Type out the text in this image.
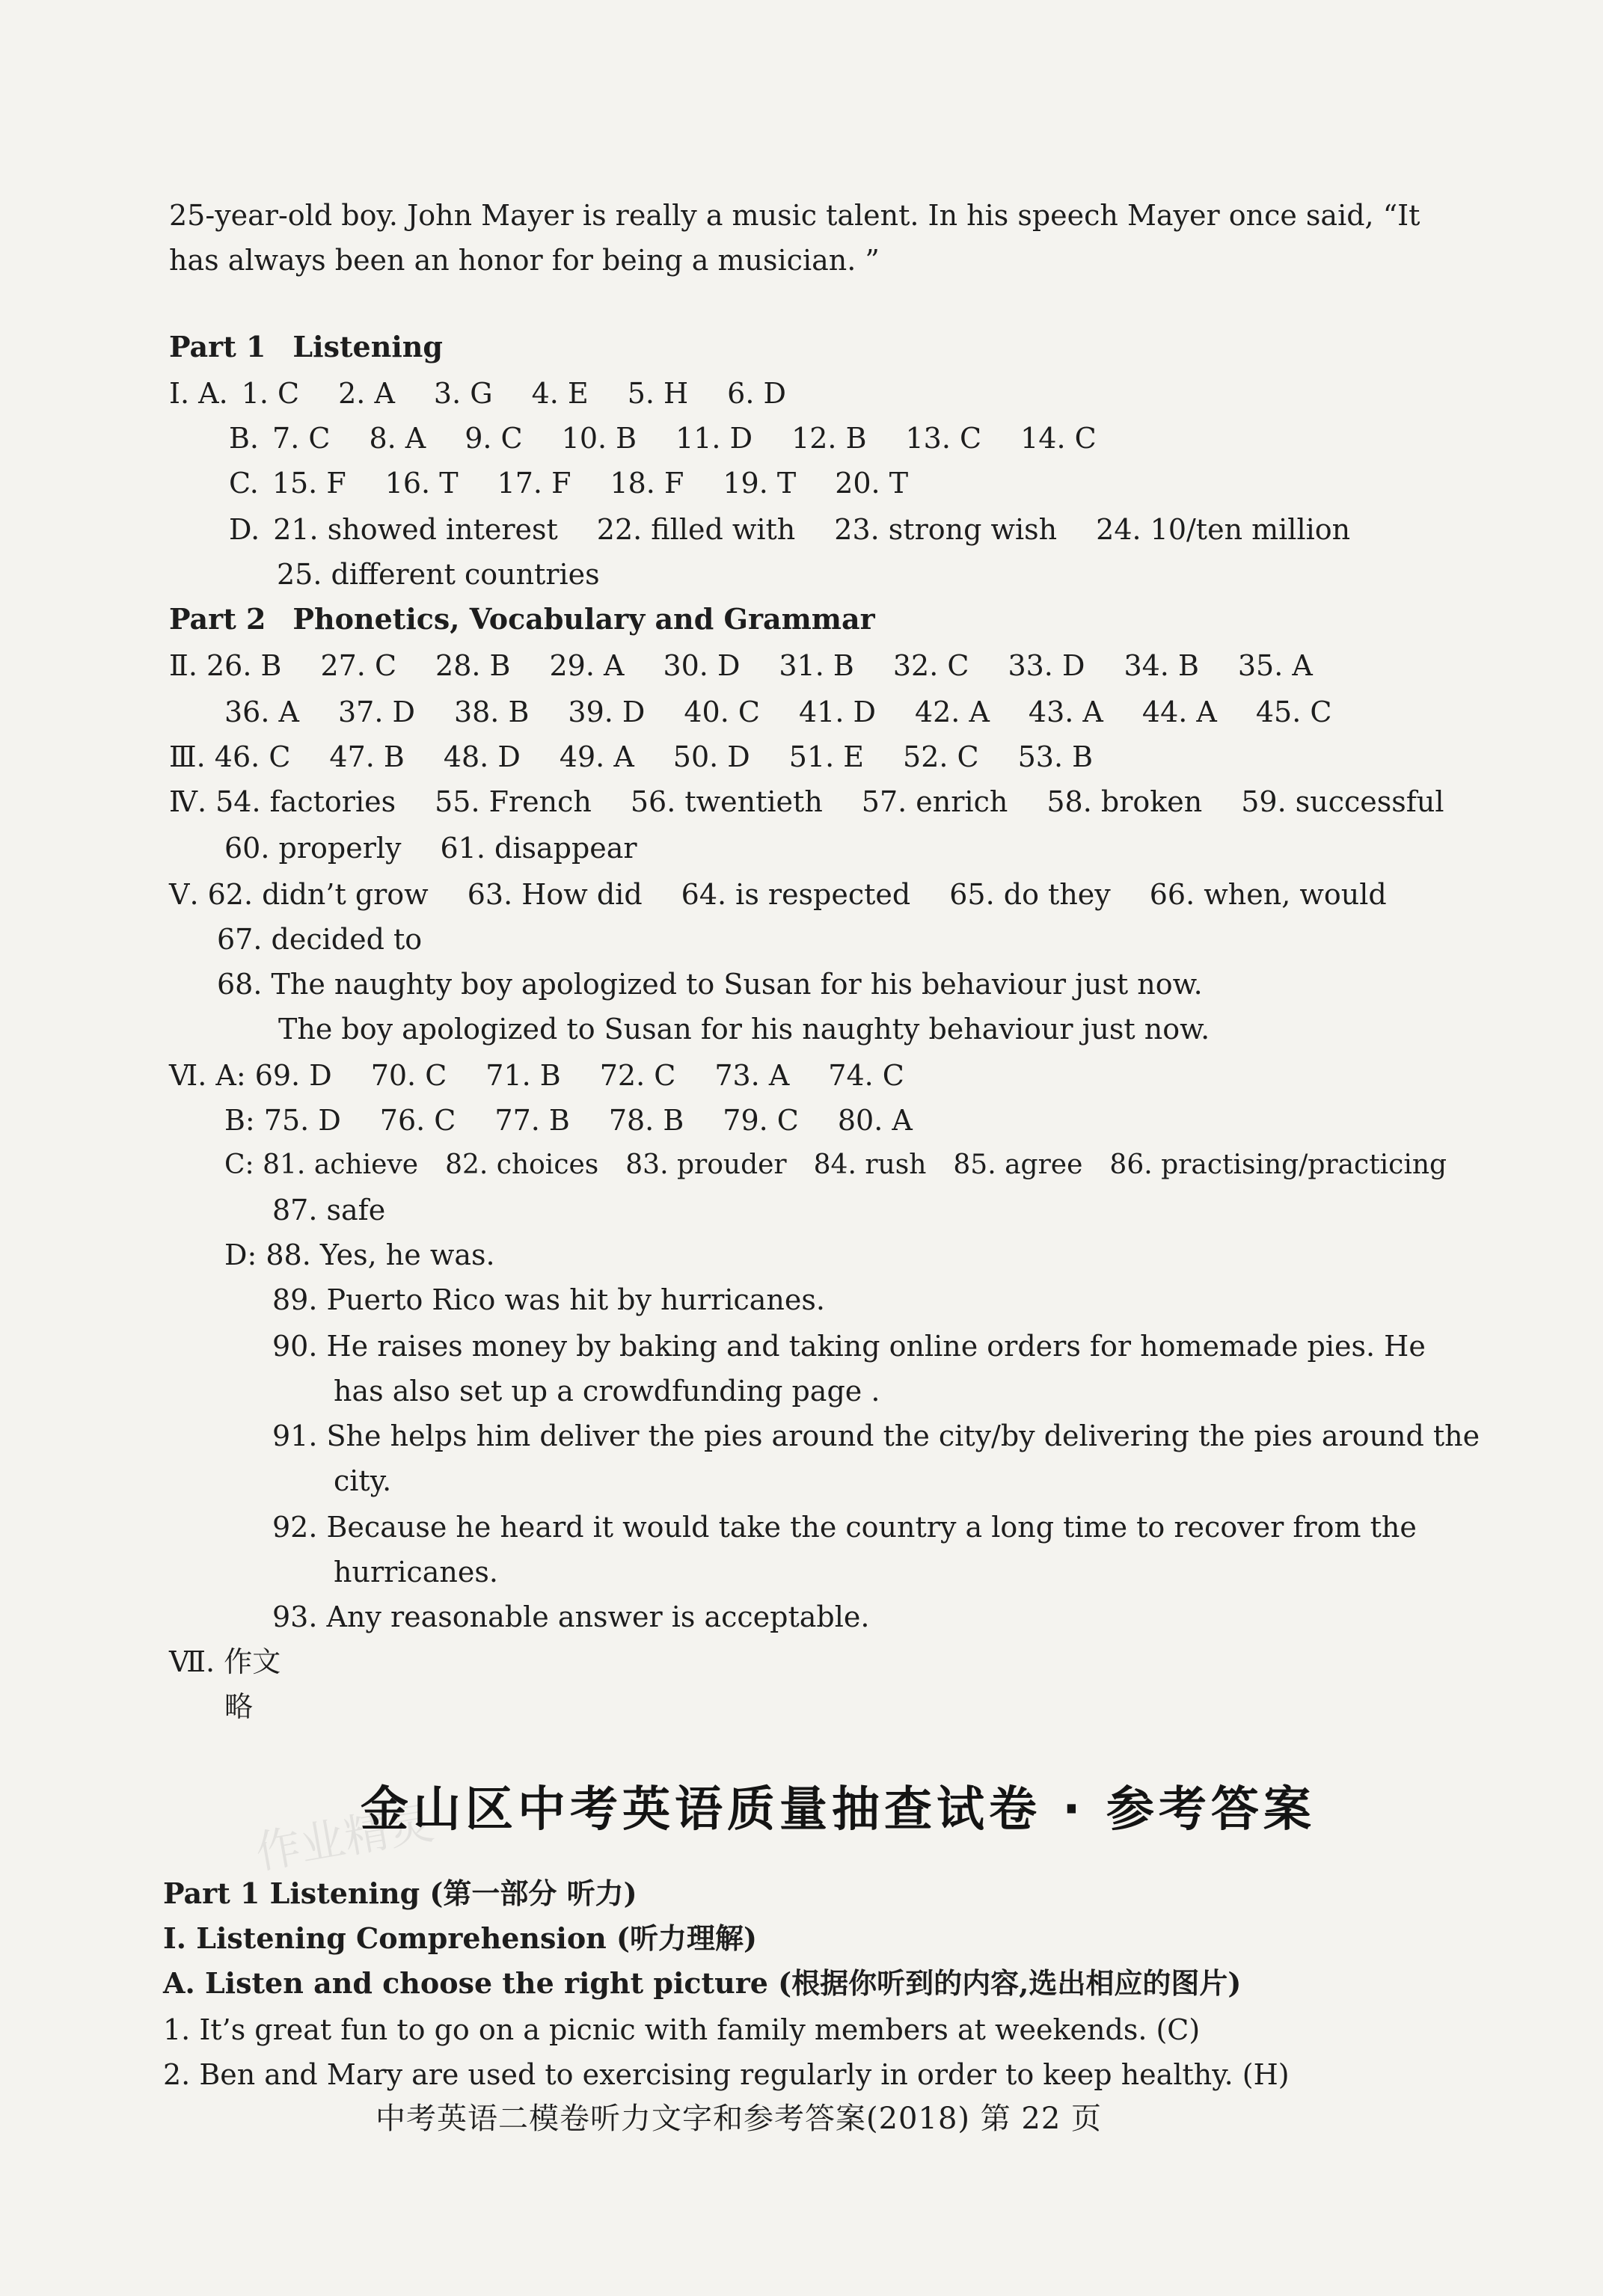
25-year-old boy. John Mayer is really a music talent. In his speech Mayer once said, “It
has always been an honor for being a musician. ”
Part 1 Listening
Ⅰ. A. 1. C 2. A 3. G 4. E 5. H 6. D
B. 7. C 8. A 9. C 10. B 11. D 12. B 13. C 14. C
C. 15. F 16. T 17. F 18. F 19. T 20. T
D. 21. showed interest 22. filled with 23. strong wish 24. 10/ten million
25. different countries
Part 2 Phonetics, Vocabulary and Grammar
Ⅱ. 26. B 27. C 28. B 29. A 30. D 31. B 32. C 33. D 34. B 35. A
36. A 37. D 38. B 39. D 40. C 41. D 42. A 43. A 44. A 45. C
Ⅲ. 46. C 47. B 48. D 49. A 50. D 51. E 52. C 53. B
Ⅳ. 54. factories 55. French 56. twentieth 57. enrich 58. broken 59. successful
60. properly 61. disappear
Ⅴ. 62. didn’t grow 63. How did 64. is respected 65. do they 66. when, would
67. decided to
68. The naughty boy apologized to Susan for his behaviour just now.
The boy apologized to Susan for his naughty behaviour just now.
Ⅵ. A: 69. D 70. C 71. B 72. C 73. A 74. C
B: 75. D 76. C 77. B 78. B 79. C 80. A
C: 81. achieve 82. choices 83. prouder 84. rush 85. agree 86. practising/practicing
87. safe
D: 88. Yes, he was.
89. Puerto Rico was hit by hurricanes.
90. He raises money by baking and taking online orders for homemade pies. He
has also set up a crowdfunding page .
91. She helps him deliver the pies around the city/by delivering the pies around the
city.
92. Because he heard it would take the country a long time to recover from the
hurricanes.
93. Any reasonable answer is acceptable.
Ⅶ. 作文
略
金山区中考英语质量抽查试卷 · 参考答案
作业精灵
Part 1 Listening (第一部分 听力)
Ⅰ. Listening Comprehension (听力理解)
A. Listen and choose the right picture (根据你听到的内容,选出相应的图片)
1. It’s great fun to go on a picnic with family members at weekends. (C)
2. Ben and Mary are used to exercising regularly in order to keep healthy. (H)
中考英语二模卷听力文字和参考答案(2018) 第 22 页
